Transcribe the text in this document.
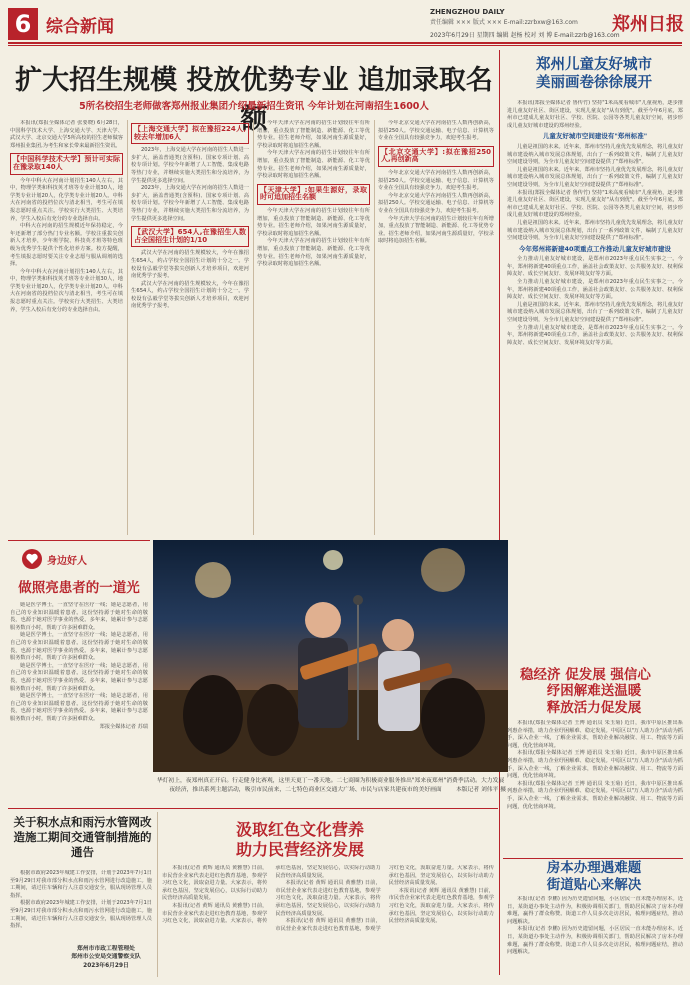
6 综合新闻
ZHENGZHOU DAILY
责任编辑 ××× 版式 ××× E-mail:zzrbxw@163.com
2023年6月29日 星期四 编辑 赵杨 校对 刘 博 E-mail:zzrb@163.com
郑州日报
扩大招生规模 投放优势专业 追加录取名额
5所名校招生老师做客郑州报业集团介绍最新招生资讯 今年计划在河南招生1600人

本报讯(郑报全媒体记者 张要晓) 6月28日，中国科学技术大学、上海交通大学、天津大学、武汉大学、北京交通大学5所高校的招生老师做客郑州报业集团,为考生和家长带来最新招生资讯。

【中国科学技术大学】预计可实际在豫录取140人

今年中科大在河南计划招生140人左右，其中，物理学类和科技英才班等专业计划30人，地学类专业计划20人，化学类专业计划20人。中科大在河南省的投档位次与清北相当，考生可在填报志愿时重点关注。学校实行大类招生、大类培养，学生入校后有充分的专业选择自由。

中科大在河南的招生规模近年保持稳定，今年还新增了部分热门专业名额。学校注重拔尖创新人才培养，少年班学院、科技英才班等特色班级为优秀学生提供个性化培养方案。校方提醒，考生填报志愿时要关注专业志愿与服从调剂的选择。

今年中科大在河南计划招生140人左右，其中，物理学类和科技英才班等专业计划30人，地学类专业计划20人，化学类专业计划20人。中科大在河南省的投档位次与清北相当，考生可在填报志愿时重点关注。学校实行大类招生、大类培养，学生入校后有充分的专业选择自由。

【上海交通大学】拟在豫招224人,较去年增加6人

2023年，上海交通大学在河南的招生人数进一步扩大，涵盖普通类(含预科)、国家专项计划、高校专项计划。学校今年新增了人工智能、集成电路等热门专业，并继续实施大类招生和分流培养，为学生提供更多选择空间。

2023年，上海交通大学在河南的招生人数进一步扩大，涵盖普通类(含预科)、国家专项计划、高校专项计划。学校今年新增了人工智能、集成电路等热门专业，并继续实施大类招生和分流培养，为学生提供更多选择空间。

【武汉大学】654人,在豫招生人数占全国招生计划的1/10

武汉大学在河南的招生规模较大，今年在豫招生654人，约占学校全国招生计划的十分之一。学校设有弘毅学堂等拔尖创新人才培养项目，欢迎河南优秀学子报考。

武汉大学在河南的招生规模较大，今年在豫招生654人，约占学校全国招生计划的十分之一。学校设有弘毅学堂等拔尖创新人才培养项目，欢迎河南优秀学子报考。

今年天津大学在河南的招生计划较往年有所增加，重点投放了智能制造、新能源、化工等优势专业。招生老师介绍，如果河南生源质量好，学校录取时将追加招生名额。

今年天津大学在河南的招生计划较往年有所增加，重点投放了智能制造、新能源、化工等优势专业。招生老师介绍，如果河南生源质量好，学校录取时将追加招生名额。

【天津大学】:如果生源好，录取时可追加招生名额

今年天津大学在河南的招生计划较往年有所增加，重点投放了智能制造、新能源、化工等优势专业。招生老师介绍，如果河南生源质量好，学校录取时将追加招生名额。

今年天津大学在河南的招生计划较往年有所增加，重点投放了智能制造、新能源、化工等优势专业。招生老师介绍，如果河南生源质量好，学校录取时将追加招生名额。

今年北京交通大学在河南招生人数再创新高，拟招250人。学校交通运输、电子信息、计算机等专业在全国具有较强竞争力，欢迎考生报考。

【北京交通大学】:拟在豫招250人,再创新高

今年北京交通大学在河南招生人数再创新高，拟招250人。学校交通运输、电子信息、计算机等专业在全国具有较强竞争力，欢迎考生报考。

今年北京交通大学在河南招生人数再创新高，拟招250人。学校交通运输、电子信息、计算机等专业在全国具有较强竞争力，欢迎考生报考。

今年天津大学在河南的招生计划较往年有所增加，重点投放了智能制造、新能源、化工等优势专业。招生老师介绍，如果河南生源质量好，学校录取时将追加招生名额。

郑州儿童友好城市
美丽画卷徐徐展开

本报讯(郑报全媒体记者 鲁传竹) 坚持"1米高度看城市"儿童视角，逐步推进儿童友好社区、街区建设，实现儿童友好"从有到优"。截至今年6月底，郑州市已建成儿童友好社区、学校、医院、公园等各类儿童友好空间，初步形成儿童友好城市建设的郑州经验。

儿童友好城市空间建设有"郑州标准"

儿童是祖国的未来。近年来，郑州市坚持儿童优先发展理念，将儿童友好城市建设纳入城市发展总体规划，出台了一系列政策文件，编制了儿童友好空间建设导则，为全市儿童友好空间建设提供了"郑州标准"。

儿童是祖国的未来。近年来，郑州市坚持儿童优先发展理念，将儿童友好城市建设纳入城市发展总体规划，出台了一系列政策文件，编制了儿童友好空间建设导则，为全市儿童友好空间建设提供了"郑州标准"。

本报讯(郑报全媒体记者 鲁传竹) 坚持"1米高度看城市"儿童视角，逐步推进儿童友好社区、街区建设，实现儿童友好"从有到优"。截至今年6月底，郑州市已建成儿童友好社区、学校、医院、公园等各类儿童友好空间，初步形成儿童友好城市建设的郑州经验。

儿童是祖国的未来。近年来，郑州市坚持儿童优先发展理念，将儿童友好城市建设纳入城市发展总体规划，出台了一系列政策文件，编制了儿童友好空间建设导则，为全市儿童友好空间建设提供了"郑州标准"。

今年郑州将新建40项重点工作推动儿童友好城市建设

全力推动儿童友好城市建设，是郑州市2023年重点民生实事之一。今年，郑州将新建40项重点工作，涵盖社会政策友好、公共服务友好、权利保障友好、成长空间友好、发展环境友好等方面。

全力推动儿童友好城市建设，是郑州市2023年重点民生实事之一。今年，郑州将新建40项重点工作，涵盖社会政策友好、公共服务友好、权利保障友好、成长空间友好、发展环境友好等方面。

儿童是祖国的未来。近年来，郑州市坚持儿童优先发展理念，将儿童友好城市建设纳入城市发展总体规划，出台了一系列政策文件，编制了儿童友好空间建设导则，为全市儿童友好空间建设提供了"郑州标准"。

全力推动儿童友好城市建设，是郑州市2023年重点民生实事之一。今年，郑州将新建40项重点工作，涵盖社会政策友好、公共服务友好、权利保障友好、成长空间友好、发展环境友好等方面。

身边好人
做照亮患者的一道光

她是医学博士，一直坚守在医疗一线；她是志愿者，用自己的专业知识温暖着患者。这份坚持源于她对生命的敬畏，也源于她对医学事业的热爱。多年来，她累计参与志愿服务数百小时，帮助了许多困难群众。

她是医学博士，一直坚守在医疗一线；她是志愿者，用自己的专业知识温暖着患者。这份坚持源于她对生命的敬畏，也源于她对医学事业的热爱。多年来，她累计参与志愿服务数百小时，帮助了许多困难群众。

她是医学博士，一直坚守在医疗一线；她是志愿者，用自己的专业知识温暖着患者。这份坚持源于她对生命的敬畏，也源于她对医学事业的热爱。多年来，她累计参与志愿服务数百小时，帮助了许多困难群众。

她是医学博士，一直坚守在医疗一线；她是志愿者，用自己的专业知识温暖着患者。这份坚持源于她对生命的敬畏，也源于她对医学事业的热爱。多年来，她累计参与志愿服务数百小时，帮助了许多困难群众。

郑报全媒体记者 苏瑞

华灯初上，夜郑州真正开启。行走健身比赛观，这里天更丁一番天地。二七商圈为积极商业服务推出"郑来夜郑州"消费季活动。大力发展夜经济，推出系列主题活动，吸引市民前来，二七特色商业区交通大广场、市民与店家共建夜市的美好画面 本版记者 刘伟平 摄
稳经济 促发展 强信心
纾困解难送温暖
释放活力促发展

本报讯(郑报全媒体记者 王博 通讯员 朱玉菊) 近日，我市中原区推出系列惠企举措，助力企业纾困解难、稳定发展。中原区以"万人助万企"活动为抓手，深入企业一线，了解企业需求，帮助企业解决融资、用工、物流等方面问题，优化营商环境。

本报讯(郑报全媒体记者 王博 通讯员 朱玉菊) 近日，我市中原区推出系列惠企举措，助力企业纾困解难、稳定发展。中原区以"万人助万企"活动为抓手，深入企业一线，了解企业需求，帮助企业解决融资、用工、物流等方面问题，优化营商环境。

本报讯(郑报全媒体记者 王博 通讯员 朱玉菊) 近日，我市中原区推出系列惠企举措，助力企业纾困解难、稳定发展。中原区以"万人助万企"活动为抓手，深入企业一线，了解企业需求，帮助企业解决融资、用工、物流等方面问题，优化营商环境。

房本办理遇难题
街道贴心来解决

本报讯(记者 李鹏) 因为历史遗留问题，小区居民一直未能办理房本。近日，某街道办事处主动作为，积极协调相关部门，帮助居民解决了房本办理难题，赢得了群众称赞。街道工作人员多次走访居民，梳理问题症结，推动问题解决。

本报讯(记者 李鹏) 因为历史遗留问题，小区居民一直未能办理房本。近日，某街道办事处主动作为，积极协调相关部门，帮助居民解决了房本办理难题，赢得了群众称赞。街道工作人员多次走访居民，梳理问题症结，推动问题解决。

关于积水点和雨污水管网改造施工期间交通管制措施的通告

根据市政府2023年城建工作安排，计划于2023年7月1日至9月29日对我市部分积水点和雨污水管网进行改造施工。施工期间，请过往车辆和行人注意交通安全，服从现场管理人员指挥。

根据市政府2023年城建工作安排，计划于2023年7月1日至9月29日对我市部分积水点和雨污水管网进行改造施工。施工期间，请过往车辆和行人注意交通安全，服从现场管理人员指挥。

郑州市市政工程管理处
郑州市公安局交通警察支队
2023年6月29日
汲取红色文化营养
助力民营经济发展

本报讯(记者 黄辉 通讯员 黄雅慧) 日前，市民营企业家代表走进红色教育基地，参观学习红色文化，汲取奋进力量。大家表示，将传承红色基因，坚定发展信心，以实际行动助力民营经济高质量发展。

本报讯(记者 黄辉 通讯员 黄雅慧) 日前，市民营企业家代表走进红色教育基地，参观学习红色文化，汲取奋进力量。大家表示，将传承红色基因，坚定发展信心，以实际行动助力民营经济高质量发展。

本报讯(记者 黄辉 通讯员 黄雅慧) 日前，市民营企业家代表走进红色教育基地，参观学习红色文化，汲取奋进力量。大家表示，将传承红色基因，坚定发展信心，以实际行动助力民营经济高质量发展。

本报讯(记者 黄辉 通讯员 黄雅慧) 日前，市民营企业家代表走进红色教育基地，参观学习红色文化，汲取奋进力量。大家表示，将传承红色基因，坚定发展信心，以实际行动助力民营经济高质量发展。

本报讯(记者 黄辉 通讯员 黄雅慧) 日前，市民营企业家代表走进红色教育基地，参观学习红色文化，汲取奋进力量。大家表示，将传承红色基因，坚定发展信心，以实际行动助力民营经济高质量发展。
